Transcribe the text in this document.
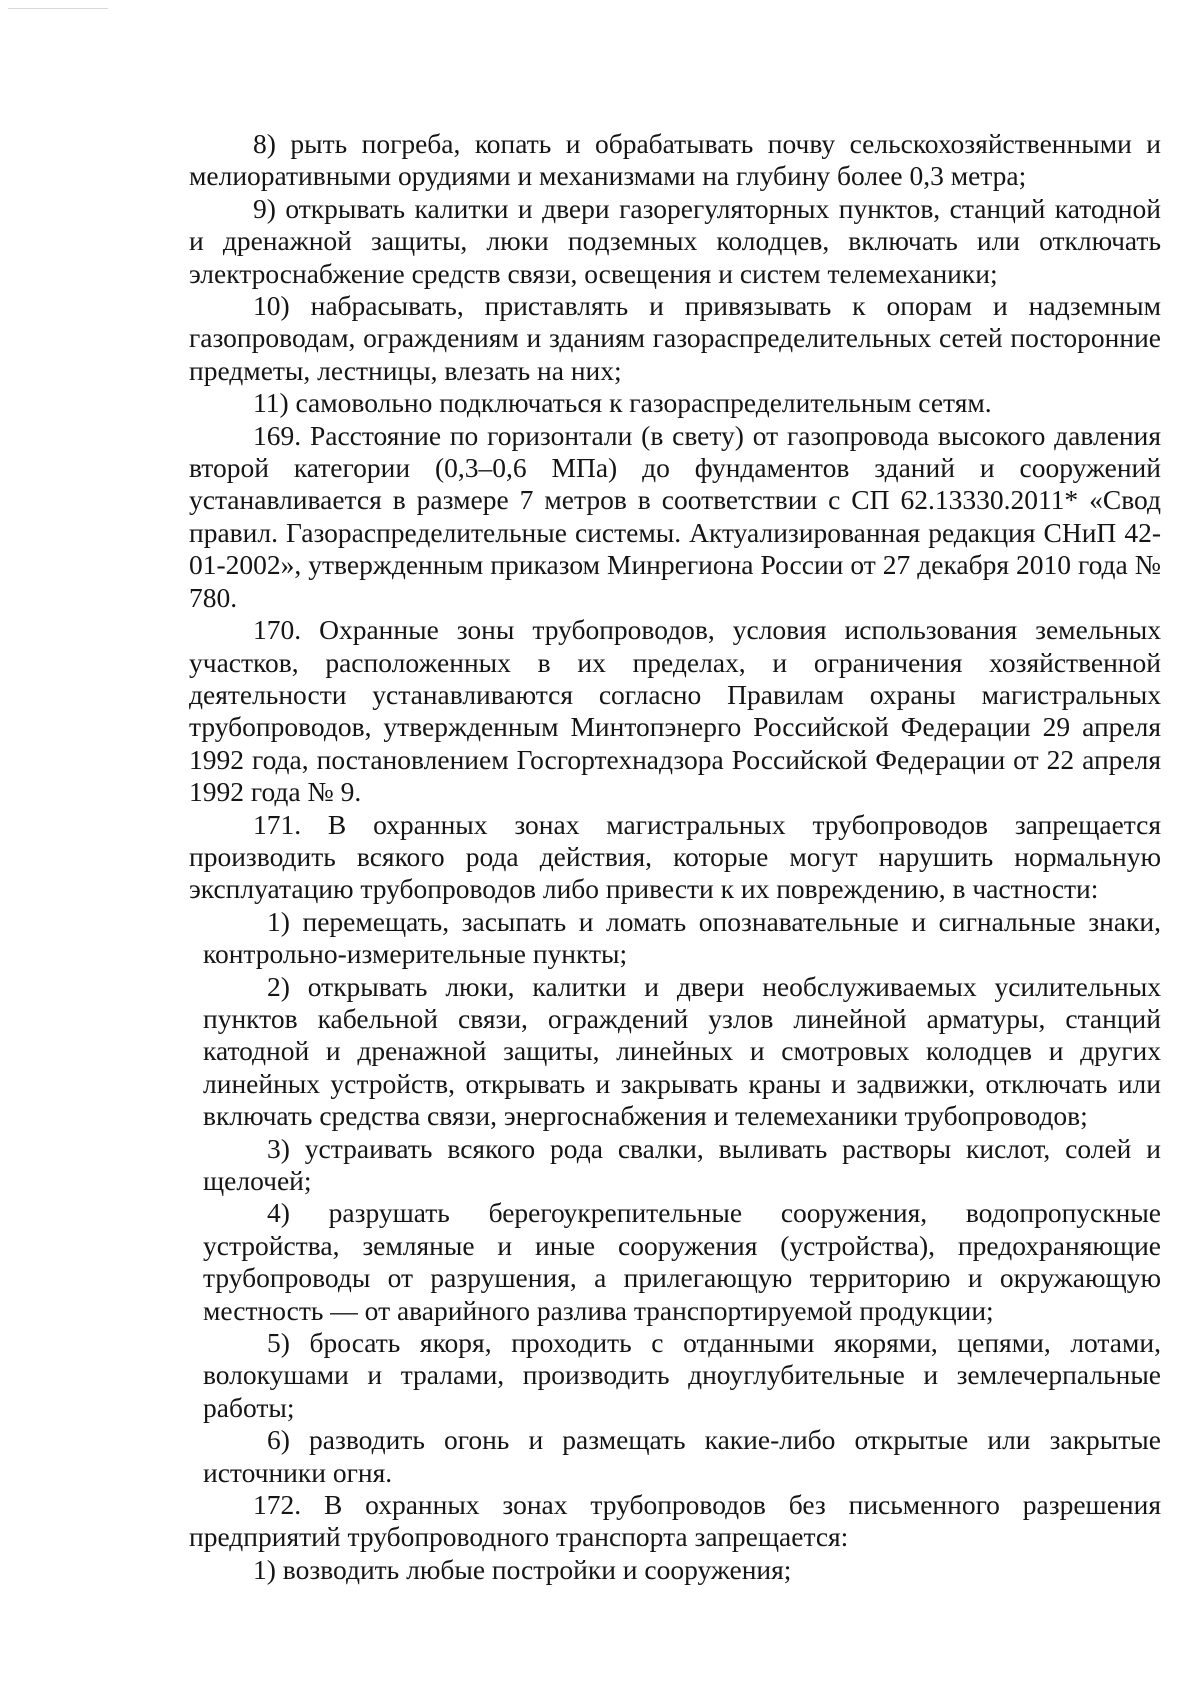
8) рыть погреба, копать и обрабатывать почву сельскохозяйственными и мелиоративными орудиями и механизмами на глубину более 0,3 метра;

9) открывать калитки и двери газорегуляторных пунктов, станций катодной и дренажной защиты, люки подземных колодцев, включать или отключать электроснабжение средств связи, освещения и систем телемеханики;

10) набрасывать, приставлять и привязывать к опорам и надземным газопроводам, ограждениям и зданиям газораспределительных сетей посторонние предметы, лестницы, влезать на них;

11) самовольно подключаться к газораспределительным сетям.

169. Расстояние по горизонтали (в свету) от газопровода высокого давления второй категории (0,3–0,6 МПа) до фундаментов зданий и сооружений устанавливается в размере 7 метров в соответствии с СП 62.13330.2011* «Свод правил. Газораспределительные системы. Актуализированная редакция СНиП 42-01-2002», утвержденным приказом Минрегиона России от 27 декабря 2010 года № 780.

170. Охранные зоны трубопроводов, условия использования земельных участков, расположенных в их пределах, и ограничения хозяйственной деятельности устанавливаются согласно Правилам охраны магистральных трубопроводов, утвержденным Минтопэнерго Российской Федерации 29 апреля 1992 года, постановлением Госгортехнадзора Российской Федерации от 22 апреля 1992 года № 9.

171. В охранных зонах магистральных трубопроводов запрещается производить всякого рода действия, которые могут нарушить нормальную эксплуатацию трубопроводов либо привести к их повреждению, в частности:

1) перемещать, засыпать и ломать опознавательные и сигнальные знаки, контрольно-измерительные пункты;

2) открывать люки, калитки и двери необслуживаемых усилительных пунктов кабельной связи, ограждений узлов линейной арматуры, станций катодной и дренажной защиты, линейных и смотровых колодцев и других линейных устройств, открывать и закрывать краны и задвижки, отключать или включать средства связи, энергоснабжения и телемеханики трубопроводов;

3) устраивать всякого рода свалки, выливать растворы кислот, солей и щелочей;

4) разрушать берегоукрепительные сооружения, водопропускные устройства, земляные и иные сооружения (устройства), предохраняющие трубопроводы от разрушения, а прилегающую территорию и окружающую местность — от аварийного разлива транспортируемой продукции;

5) бросать якоря, проходить с отданными якорями, цепями, лотами, волокушами и тралами, производить дноуглубительные и землечерпальные работы;

6) разводить огонь и размещать какие-либо открытые или закрытые источники огня.

172. В охранных зонах трубопроводов без письменного разрешения предприятий трубопроводного транспорта запрещается:

1) возводить любые постройки и сооружения;
